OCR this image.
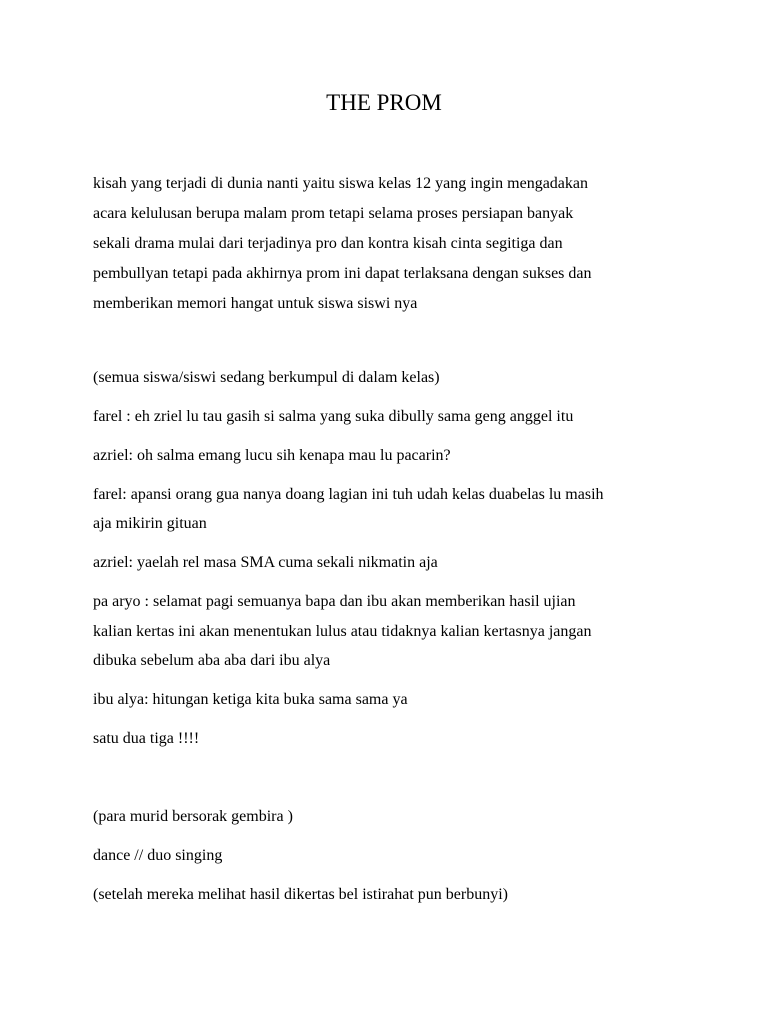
THE PROM
kisah yang terjadi di dunia nanti yaitu siswa kelas 12 yang ingin mengadakan
acara kelulusan berupa malam prom tetapi selama proses persiapan banyak
sekali drama mulai dari terjadinya pro dan kontra kisah cinta segitiga dan
pembullyan tetapi pada akhirnya prom ini dapat terlaksana dengan sukses dan
memberikan memori hangat untuk siswa siswi nya

(semua siswa/siswi sedang berkumpul di dalam kelas)

farel : eh zriel lu tau gasih si salma yang suka dibully sama geng anggel itu

azriel: oh salma emang lucu sih kenapa mau lu pacarin?

farel: apansi orang gua nanya doang lagian ini tuh udah kelas duabelas lu masih

aja mikirin gituan

azriel: yaelah rel masa SMA cuma sekali nikmatin aja

pa aryo : selamat pagi semuanya bapa dan ibu akan memberikan hasil ujian

kalian kertas ini akan menentukan lulus atau tidaknya kalian kertasnya jangan

dibuka sebelum aba aba dari ibu alya

ibu alya: hitungan ketiga kita buka sama sama ya

satu dua tiga !!!!

(para murid bersorak gembira )

dance // duo singing

(setelah mereka melihat hasil dikertas bel istirahat pun berbunyi)
